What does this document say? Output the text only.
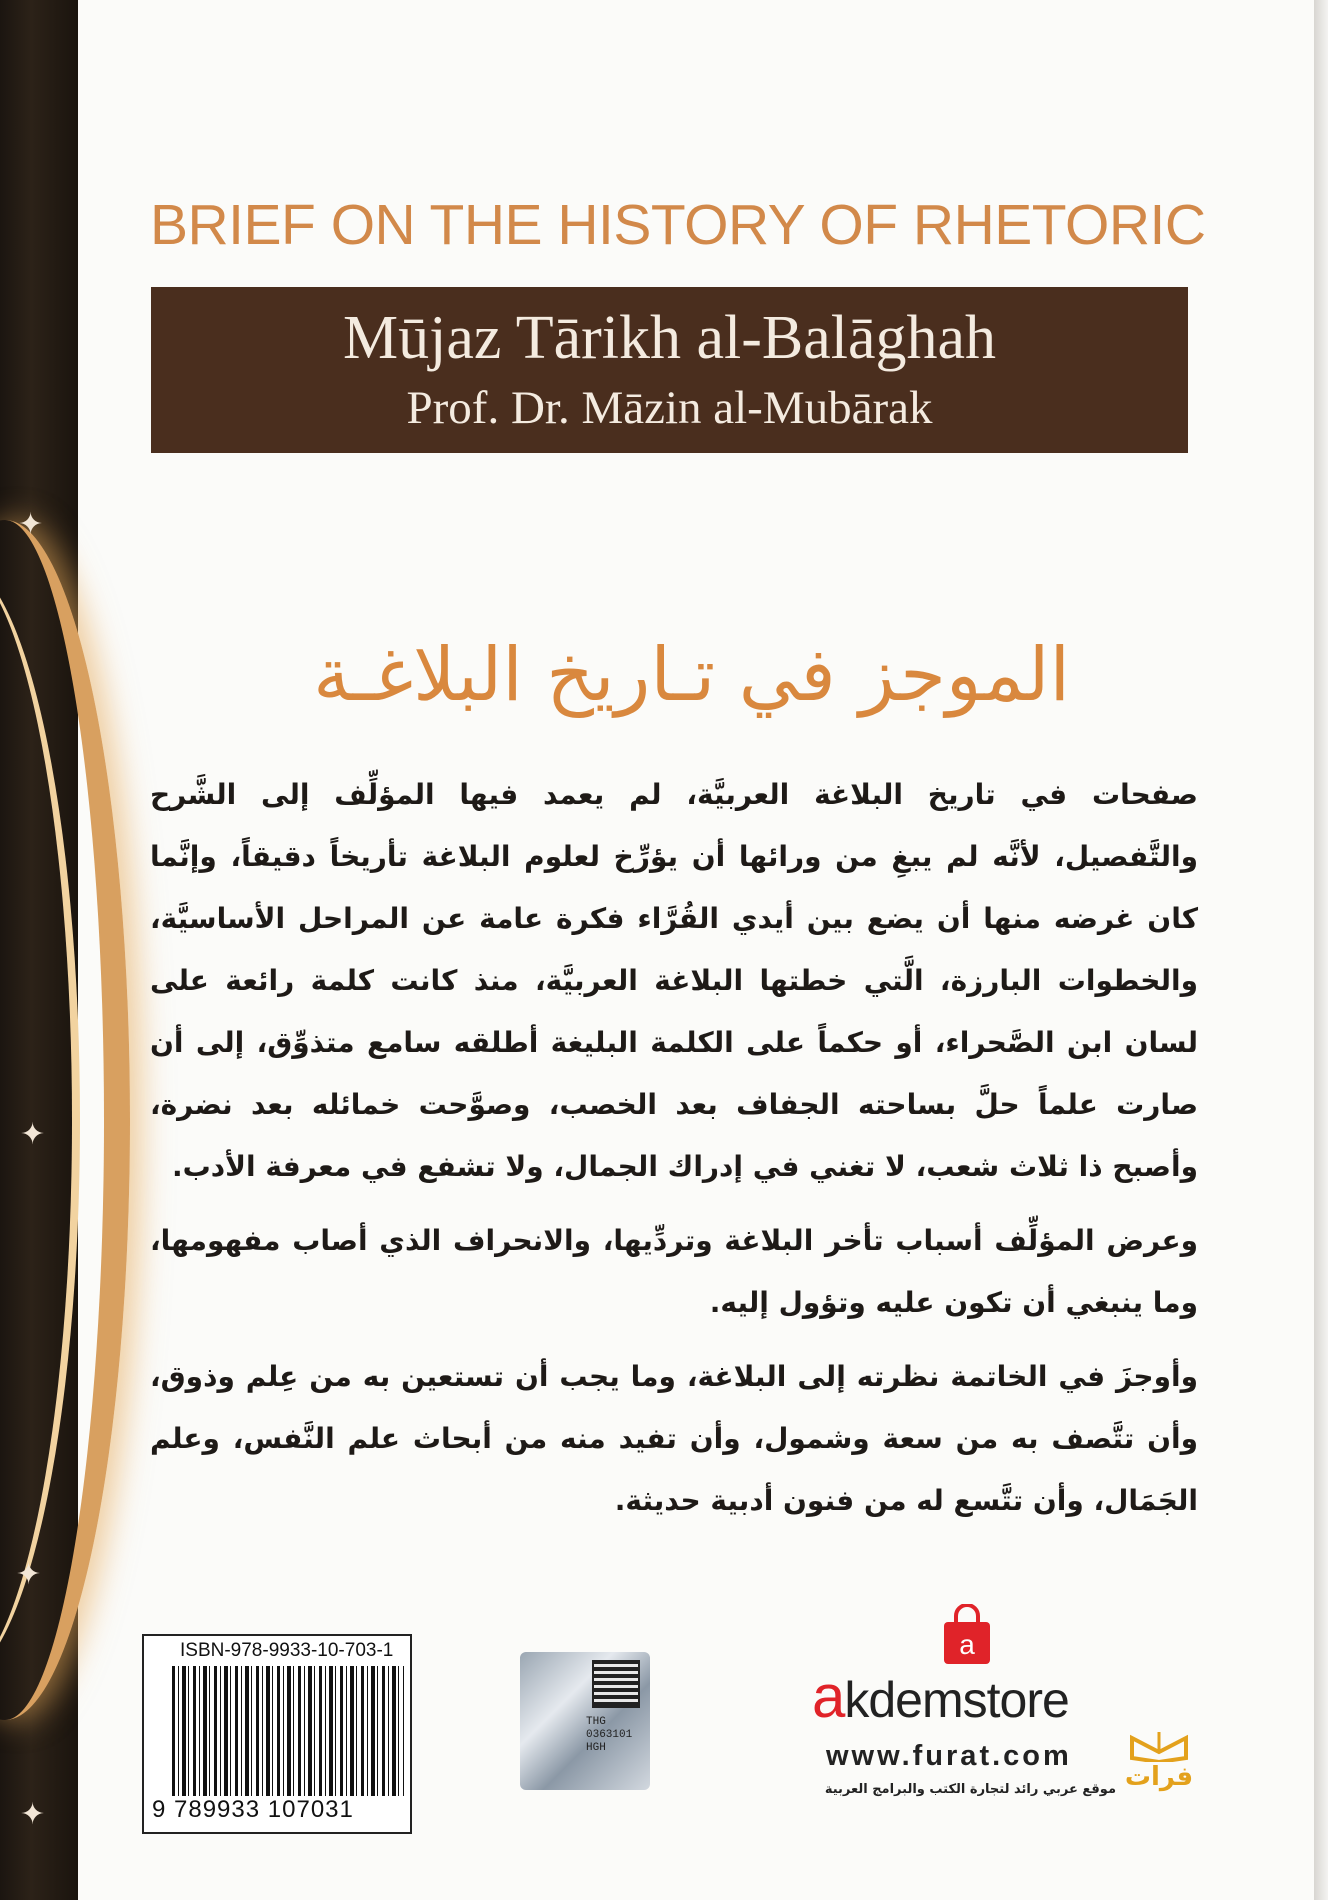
✦
✦
✦
✦
BRIEF ON THE HISTORY OF RHETORIC
Mūjaz Tārikh al-Balāghah
Prof. Dr. Māzin al-Mubārak
الموجز في تـاريخ البلاغـة

صفحات في تاريخ البلاغة العربيَّة، لم يعمد فيها المؤلِّف إلى الشَّرح والتَّفصيل، لأنَّه لم يبغِ من ورائها أن يؤرِّخ لعلوم البلاغة تأريخاً دقيقاً، وإنَّما كان غرضه منها أن يضع بين أيدي القُرَّاء فكرة عامة عن المراحل الأساسيَّة، والخطوات البارزة، الَّتي خطتها البلاغة العربيَّة، منذ كانت كلمة رائعة على لسان ابن الصَّحراء، أو حكماً على الكلمة البليغة أطلقه سامع متذوِّق، إلى أن صارت علماً حلَّ بساحته الجفاف بعد الخصب، وصوَّحت خمائله بعد نضرة، وأصبح ذا ثلاث شعب، لا تغني في إدراك الجمال، ولا تشفع في معرفة الأدب.

وعرض المؤلِّف أسباب تأخر البلاغة وتردِّيها، والانحراف الذي أصاب مفهومها، وما ينبغي أن تكون عليه وتؤول إليه.

وأوجزَ في الخاتمة نظرته إلى البلاغة، وما يجب أن تستعين به من عِلم وذوق، وأن تتَّصف به من سعة وشمول، وأن تفيد منه من أبحاث علم النَّفس، وعلم الجَمَال، وأن تتَّسع له من فنون أدبية حديثة.

ISBN-978-9933-10-703-1
9 789933 107031
THG
0363101
HGH
a
akdemstore
www.furat.com
موقع عربي رائد لتجارة الكتب والبرامج العربية فرات
